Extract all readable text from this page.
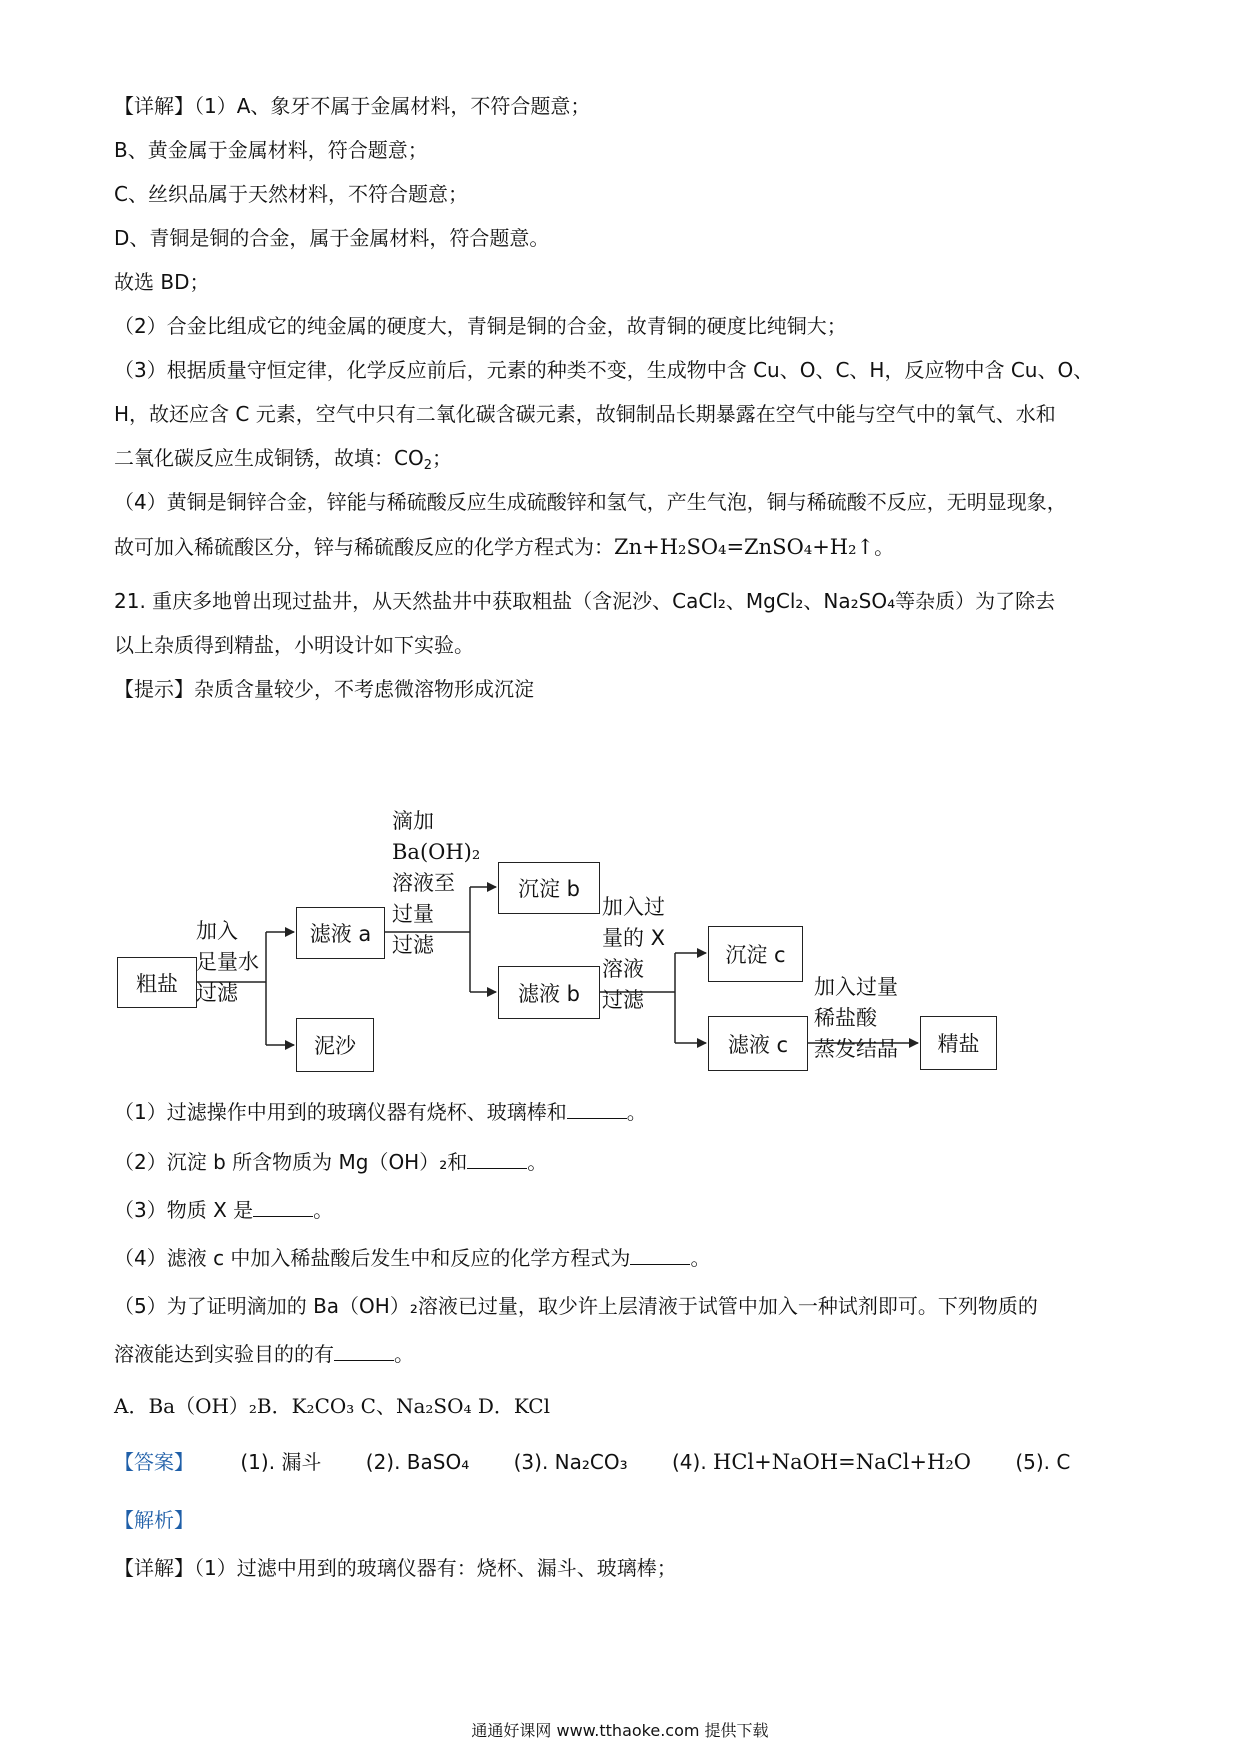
【详解】（1）A、象牙不属于金属材料，不符合题意；
B、黄金属于金属材料，符合题意；
C、丝织品属于天然材料，不符合题意；
D、青铜是铜的合金，属于金属材料，符合题意。
故选 BD；
（2）合金比组成它的纯金属的硬度大，青铜是铜的合金，故青铜的硬度比纯铜大；
（3）根据质量守恒定律，化学反应前后，元素的种类不变，生成物中含 Cu、O、C、H，反应物中含 Cu、O、
H，故还应含 C 元素，空气中只有二氧化碳含碳元素，故铜制品长期暴露在空气中能与空气中的氧气、水和
二氧化碳反应生成铜锈，故填：$CO_2$；
（4）黄铜是铜锌合金，锌能与稀硫酸反应生成硫酸锌和氢气，产生气泡，铜与稀硫酸不反应，无明显现象，
故可加入稀硫酸区分，锌与稀硫酸反应的化学方程式为：Zn+H₂SO₄=ZnSO₄+H₂↑。
21. 重庆多地曾出现过盐井，从天然盐井中获取粗盐（含泥沙、CaCl₂、MgCl₂、Na₂SO₄等杂质）为了除去
以上杂质得到精盐，小明设计如下实验。
【提示】杂质含量较少，不考虑微溶物形成沉淀
粗盐
滤液 a
泥沙
沉淀 b
滤液 b
沉淀 c
滤液 c	精盐
加入
足量水
过滤
滴加
Ba(OH)₂
溶液至
过量
过滤
加入过
量的 X
溶液
过滤
加入过量
稀盐酸
蒸发结晶
（1）过滤操作中用到的玻璃仪器有烧杯、玻璃棒和	。
（2）沉淀 b 所含物质为 Mg（OH）₂和	。
（3）物质 X 是	。
（4）滤液 c 中加入稀盐酸后发生中和反应的化学方程式为	。
（5）为了证明滴加的 Ba（OH）₂溶液已过量，取少许上层清液于试管中加入一种试剂即可。下列物质的
溶液能达到实验目的的有	。
A．Ba（OH）₂B．K₂CO₃ C、Na₂SO₄ D．KCl
【答案】 (1). 漏斗 (2). BaSO₄ (3). Na₂CO₃ (4). HCl+NaOH=NaCl+H₂O (5). C
【解析】
【详解】（1）过滤中用到的玻璃仪器有：烧杯、漏斗、玻璃棒；
通通好课网 www.tthaoke.com 提供下载
